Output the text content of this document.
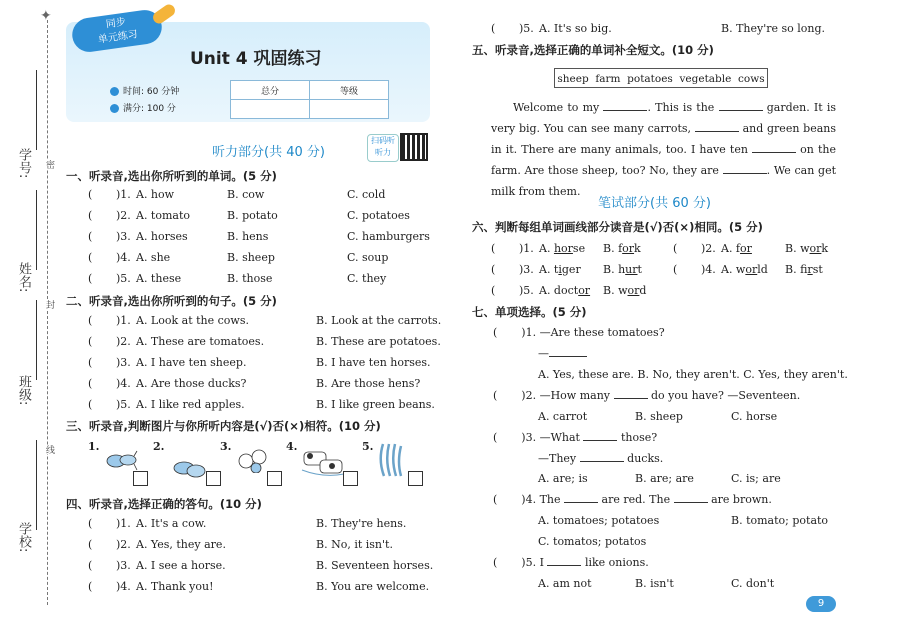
学号:
姓名:
班级:
学校:
密
封
线
✦	同步
单元练习
Unit 4 巩固练习
时间: 60 分钟
满分: 100 分
总分	等级

听力部分(共 40 分)
扫码听听力
一、听录音,选出你所听到的单词。(5 分)
二、听录音,选出你所听到的句子。(5 分)
三、听录音,判断图片与你所听内容是(√)否(×)相符。(10 分)
1.	2.	3.	4.	5.
四、听录音,选择正确的答句。(10 分)
五、听录音,选择正确的单词补全短文。(10 分)
sheep  farm  potatoes  vegetable  cows
Welcome to my	. This is the	garden. It is very big. You can see many carrots,	and green beans in it. There are many animals, too. I have ten	on the farm. Are those sheep, too? No, they are	. We can get milk from them.
笔试部分(共 60 分)
六、判断每组单词画线部分读音是(√)否(×)相同。(5 分)
七、单项选择。(5 分)
( )1. —Are these tomatoes?
—
A. Yes, these are. B. No, they aren't. C. Yes, they aren't.
( )2. —How many	do you have? —Seventeen.
A. carrot	B. sheep	C. horse
( )3. —What	those?
—They	ducks.
A. are; is	B. are; are	C. is; are
( )4. The	are red. The	are brown.
A. tomatoes; potatoes	B. tomato; potato
C. tomatos; potatos
( )5. I	like onions.
A. am not	B. isn't	C. don't
9
( )1. A. how	B. cow	C. cold
( )2. A. tomato	B. potato	C. potatoes
( )3. A. horses	B. hens	C. hamburgers
( )4. A. she	B. sheep	C. soup
( )5. A. these	B. those	C. they
( )1. A. Look at the cows.	B. Look at the carrots.
( )2. A. These are tomatoes.	B. These are potatoes.
( )3. A. I have ten sheep.	B. I have ten horses.
( )4. A. Are those ducks?	B. Are those hens?
( )5. A. I like red apples.	B. I like green beans.
( )1. A. It's a cow.	B. They're hens.
( )2. A. Yes, they are.	B. No, it isn't.
( )3. A. I see a horse.	B. Seventeen horses.
( )4. A. Thank you!	B. You are welcome.
( )5. A. It's so big.	B. They're so long.
( )1. A. horse B. fork	( )2. A. for	B. work
( )3. A. tiger B. hurt	( )4. A. world B. first
( )5. A. doctor B. word
